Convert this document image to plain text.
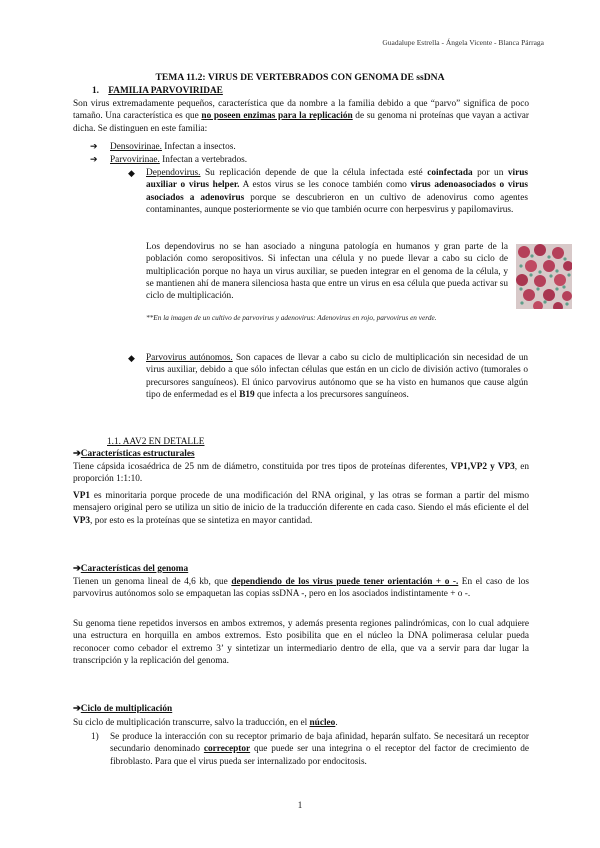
Guadalupe Estrella - Ángela Vicente - Blanca Párraga
TEMA 11.2: VIRUS DE VERTEBRADOS CON GENOMA DE ssDNA
1. FAMILIA PARVOVIRIDAE
Son virus extremadamente pequeños, característica que da nombre a la familia debido a que “parvo” significa de poco tamaño. Una característica es que no poseen enzimas para la replicación de su genoma ni proteínas que vayan a activar dicha. Se distinguen en este familia:
➔ Densovirinae. Infectan a insectos.
➔ Parvovirinae. Infectan a vertebrados.
◆ Dependovirus. Su replicación depende de que la célula infectada esté coinfectada por un virus auxiliar o virus helper. A estos virus se les conoce también como virus adenoasociados o virus asociados a adenovirus porque se descubrieron en un cultivo de adenovirus como agentes contaminantes, aunque posteriormente se vio que también ocurre con herpesvirus y papilomavirus.
Los dependovirus no se han asociado a ninguna patología en humanos y gran parte de la población como seropositivos. Si infectan una célula y no puede llevar a cabo su ciclo de multiplicación porque no haya un virus auxiliar, se pueden integrar en el genoma de la célula, y se mantienen ahí de manera silenciosa hasta que entre un virus en esa célula que pueda activar su ciclo de multiplicación.
**En la imagen de un cultivo de parvovirus y adenovirus: Adenovirus en rojo, parvovirus en verde.
◆ Parvovirus autónomos. Son capaces de llevar a cabo su ciclo de multiplicación sin necesidad de un virus auxiliar, debido a que sólo infectan células que están en un ciclo de división activo (tumorales o precursores sanguíneos). El único parvovirus autónomo que se ha visto en humanos que cause algún tipo de enfermedad es el B19 que infecta a los precursores sanguíneos.
1.1. AAV2 EN DETALLE
➔Características estructurales
Tiene cápsida icosaédrica de 25 nm de diámetro, constituida por tres tipos de proteínas diferentes, VP1,VP2 y VP3, en proporción 1:1:10.
VP1 es minoritaria porque procede de una modificación del RNA original, y las otras se forman a partir del mismo mensajero original pero se utiliza un sitio de inicio de la traducción diferente en cada caso. Siendo el más eficiente el del VP3, por esto es la proteínas que se sintetiza en mayor cantidad.
➔Características del genoma
Tienen un genoma lineal de 4,6 kb, que dependiendo de los virus puede tener orientación + o -. En el caso de los parvovirus autónomos solo se empaquetan las copias ssDNA -, pero en los asociados indistintamente + o -.
Su genoma tiene repetidos inversos en ambos extremos, y además presenta regiones palindrómicas, con lo cual adquiere una estructura en horquilla en ambos extremos. Esto posibilita que en el núcleo la DNA polimerasa celular pueda reconocer como cebador el extremo 3’ y sintetizar un intermediario dentro de ella, que va a servir para dar lugar la transcripción y la replicación del genoma.
➔Ciclo de multiplicación
Su ciclo de multiplicación transcurre, salvo la traducción, en el núcleo.
1) Se produce la interacción con su receptor primario de baja afinidad, heparán sulfato. Se necesitará un receptor secundario denominado correceptor que puede ser una integrina o el receptor del factor de crecimiento de fibroblasto. Para que el virus pueda ser internalizado por endocitosis.
1
